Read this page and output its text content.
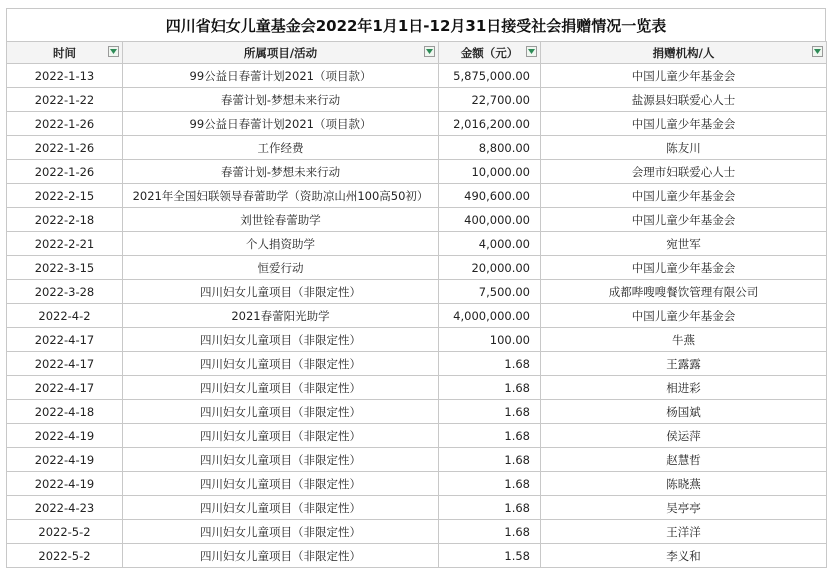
四川省妇女儿童基金会2022年1月1日-12月31日接受社会捐赠情况一览表
时间	所属项目/活动	金额（元）	捐赠机构/人

2022-1-13	99公益日春蕾计划2021（项目款）	5,875,000.00	中国儿童少年基金会
2022-1-22	春蕾计划-梦想未来行动	22,700.00	盐源县妇联爱心人士
2022-1-26	99公益日春蕾计划2021（项目款）	2,016,200.00	中国儿童少年基金会
2022-1-26	工作经费	8,800.00	陈友川
2022-1-26	春蕾计划-梦想未来行动	10,000.00	会理市妇联爱心人士
2022-2-15	2021年全国妇联领导春蕾助学（资助凉山州100高50初）	490,600.00	中国儿童少年基金会
2022-2-18	刘世铨春蕾助学	400,000.00	中国儿童少年基金会
2022-2-21	个人捐资助学	4,000.00	宛世军
2022-3-15	恒爱行动	20,000.00	中国儿童少年基金会
2022-3-28	四川妇女儿童项目（非限定性）	7,500.00	成都哔嗖嗖餐饮管理有限公司
2022-4-2	2021春蕾阳光助学	4,000,000.00	中国儿童少年基金会
2022-4-17	四川妇女儿童项目（非限定性）	100.00	牛燕
2022-4-17	四川妇女儿童项目（非限定性）	1.68	王露露
2022-4-17	四川妇女儿童项目（非限定性）	1.68	相进彩
2022-4-18	四川妇女儿童项目（非限定性）	1.68	杨国斌
2022-4-19	四川妇女儿童项目（非限定性）	1.68	侯运萍
2022-4-19	四川妇女儿童项目（非限定性）	1.68	赵慧哲
2022-4-19	四川妇女儿童项目（非限定性）	1.68	陈晓燕
2022-4-23	四川妇女儿童项目（非限定性）	1.68	吴亭亭
2022-5-2	四川妇女儿童项目（非限定性）	1.68	王洋洋
2022-5-2	四川妇女儿童项目（非限定性）	1.58	李义和
